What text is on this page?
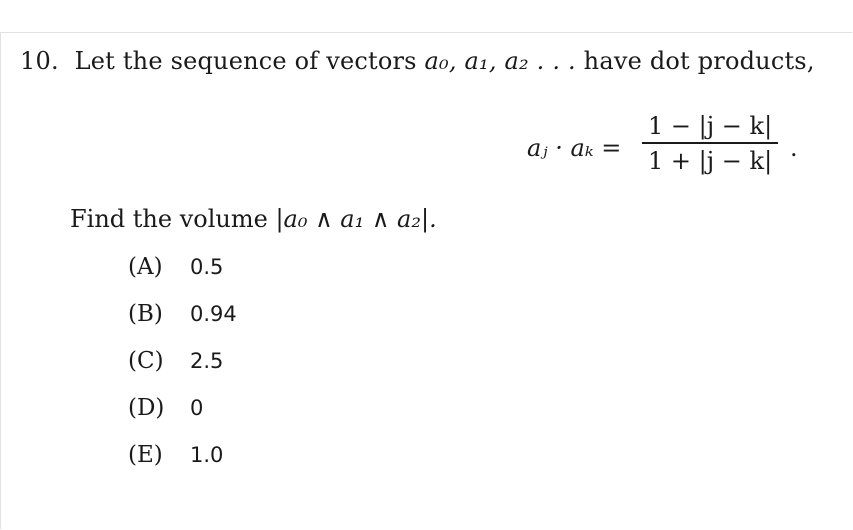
10. Let the sequence of vectors a₀, a₁, a₂ . . . have dot products,
aⱼ · aₖ =
1 − |j − k|
1 + |j − k| .
Find the volume |a₀ ∧ a₁ ∧ a₂|.
(A) 0.5
(B) 0.94
(C) 2.5
(D) 0
(E) 1.0
